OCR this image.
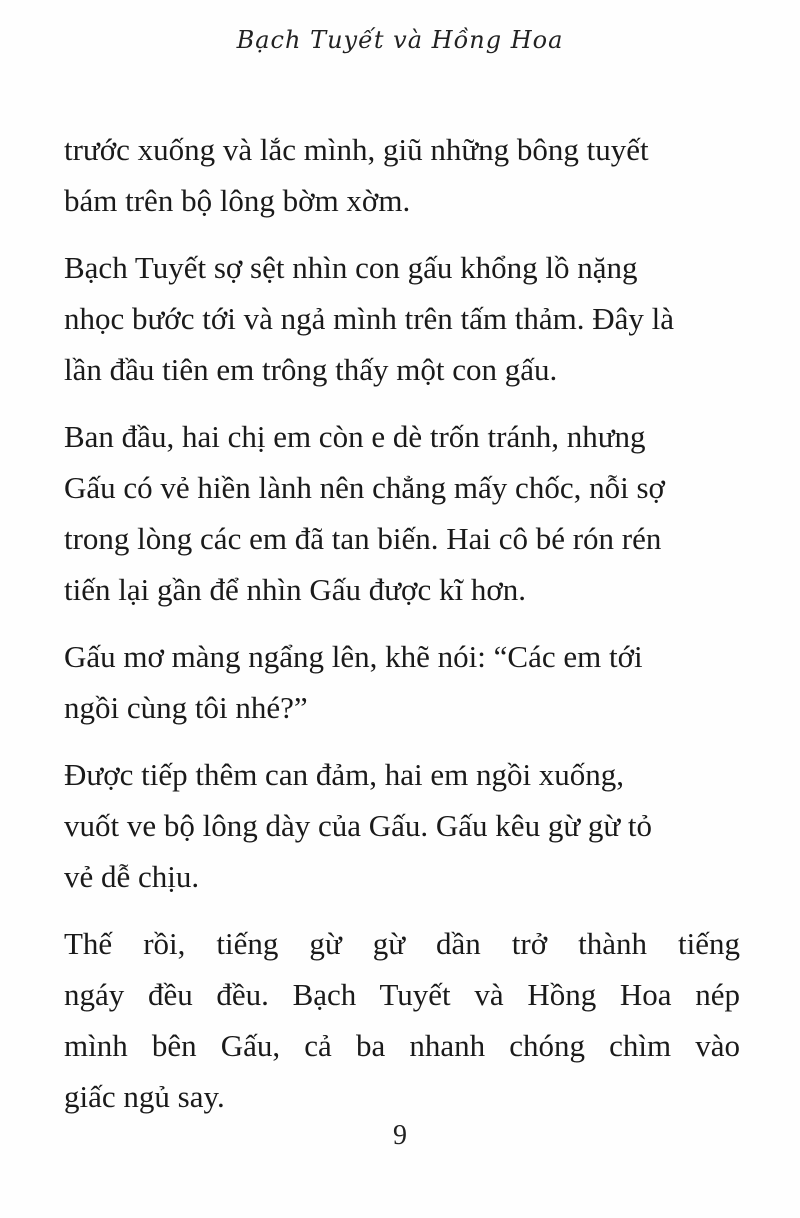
Bạch Tuyết và Hồng Hoa

trước xuống và lắc mình, giũ những bông tuyết
bám trên bộ lông bờm xờm.

Bạch Tuyết sợ sệt nhìn con gấu khổng lồ nặng
nhọc bước tới và ngả mình trên tấm thảm. Đây là
lần đầu tiên em trông thấy một con gấu.

Ban đầu, hai chị em còn e dè trốn tránh, nhưng
Gấu có vẻ hiền lành nên chẳng mấy chốc, nỗi sợ
trong lòng các em đã tan biến. Hai cô bé rón rén
tiến lại gần để nhìn Gấu được kĩ hơn.

Gấu mơ màng ngẩng lên, khẽ nói: “Các em tới
ngồi cùng tôi nhé?”

Được tiếp thêm can đảm, hai em ngồi xuống,
vuốt ve bộ lông dày của Gấu. Gấu kêu gừ gừ tỏ
vẻ dễ chịu.

Thế rồi, tiếng gừ gừ dần trở thành tiếng
ngáy đều đều. Bạch Tuyết và Hồng Hoa nép
mình bên Gấu, cả ba nhanh chóng chìm vào
giấc ngủ say.

9
